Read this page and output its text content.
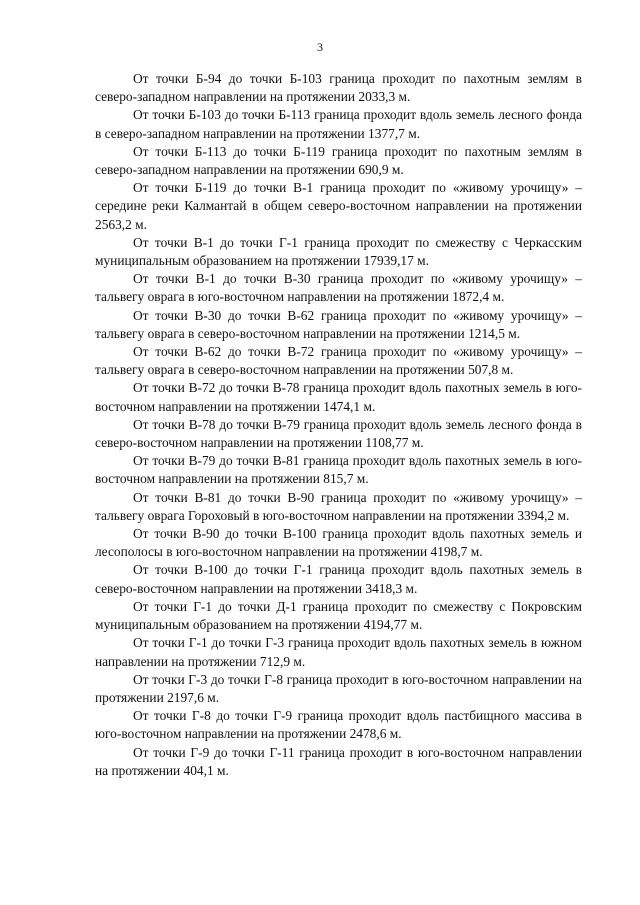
3

От точки Б-94 до точки Б-103 граница проходит по пахотным землям в северо-западном направлении на протяжении 2033,3 м.

От точки Б-103 до точки Б-113 граница проходит вдоль земель лесного фонда в северо-западном направлении на протяжении 1377,7 м.

От точки Б-113 до точки Б-119 граница проходит по пахотным землям в северо-западном направлении на протяжении 690,9 м.

От точки Б-119 до точки В-1 граница проходит по «живому урочищу» – середине реки Калмантай в общем северо-восточном направлении на протяжении 2563,2 м.

От точки В-1 до точки Г-1 граница проходит по смежеству с Черкасским муниципальным образованием на протяжении 17939,17 м.

От точки В-1 до точки В-30 граница проходит по «живому урочищу» – тальвегу оврага в юго-восточном направлении на протяжении 1872,4 м.

От точки В-30 до точки В-62 граница проходит по «живому урочищу» – тальвегу оврага в северо-восточном направлении на протяжении 1214,5 м.

От точки В-62 до точки В-72 граница проходит по «живому урочищу» – тальвегу оврага в северо-восточном направлении на протяжении 507,8 м.

От точки В-72 до точки В-78 граница проходит вдоль пахотных земель в юго-восточном направлении на протяжении 1474,1 м.

От точки В-78 до точки В-79 граница проходит вдоль земель лесного фонда в северо-восточном направлении на протяжении 1108,77 м.

От точки В-79 до точки В-81 граница проходит вдоль пахотных земель в юго-восточном направлении на протяжении 815,7 м.

От точки В-81 до точки В-90 граница проходит по «живому урочищу» – тальвегу оврага Гороховый в юго-восточном направлении на протяжении 3394,2 м.

От точки В-90 до точки В-100 граница проходит вдоль пахотных земель и лесополосы в юго-восточном направлении на протяжении 4198,7 м.

От точки В-100 до точки Г-1 граница проходит вдоль пахотных земель в северо-восточном направлении на протяжении 3418,3 м.

От точки Г-1 до точки Д-1 граница проходит по смежеству с Покровским муниципальным образованием на протяжении 4194,77 м.

От точки Г-1 до точки Г-3 граница проходит вдоль пахотных земель в южном направлении на протяжении 712,9 м.

От точки Г-3 до точки Г-8 граница проходит в юго-восточном направлении на протяжении 2197,6 м.

От точки Г-8 до точки Г-9 граница проходит вдоль пастбищного массива в юго-восточном направлении на протяжении 2478,6 м.

От точки Г-9 до точки Г-11 граница проходит в юго-восточном направлении на протяжении 404,1 м.
